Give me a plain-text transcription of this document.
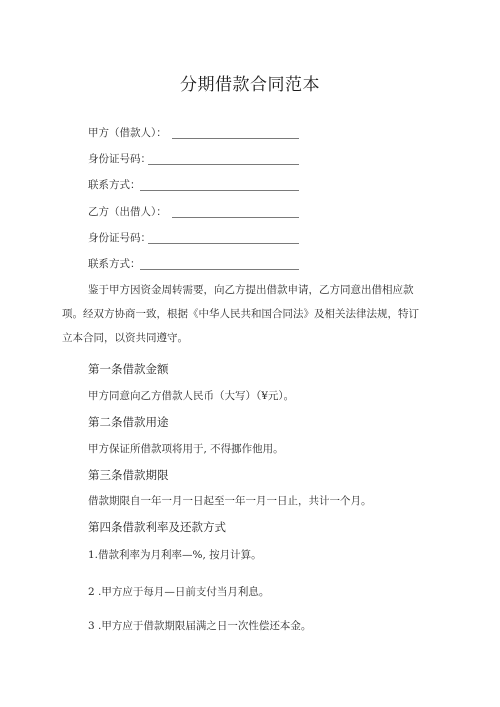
分期借款合同范本
甲方（借款人）：
身份证号码：
联系方式：
乙方（出借人）：
身份证号码：
联系方式：
鉴于甲方因资金周转需要，向乙方提出借款申请，乙方同意出借相应款
项。经双方协商一致，根据《中华人民共和国合同法》及相关法律法规，特订
立本合同，以资共同遵守。
第一条借款金额
甲方同意向乙方借款人民币（大写）（¥元）。
第二条借款用途
甲方保证所借款项将用于, 不得挪作他用。
第三条借款期限
借款期限自一年一月一日起至一年一月一日止，共计一个月。
第四条借款利率及还款方式
1.借款利率为月利率—%, 按月计算。
2 .甲方应于每月—日前支付当月利息。
3 .甲方应于借款期限届满之日一次性偿还本金。
